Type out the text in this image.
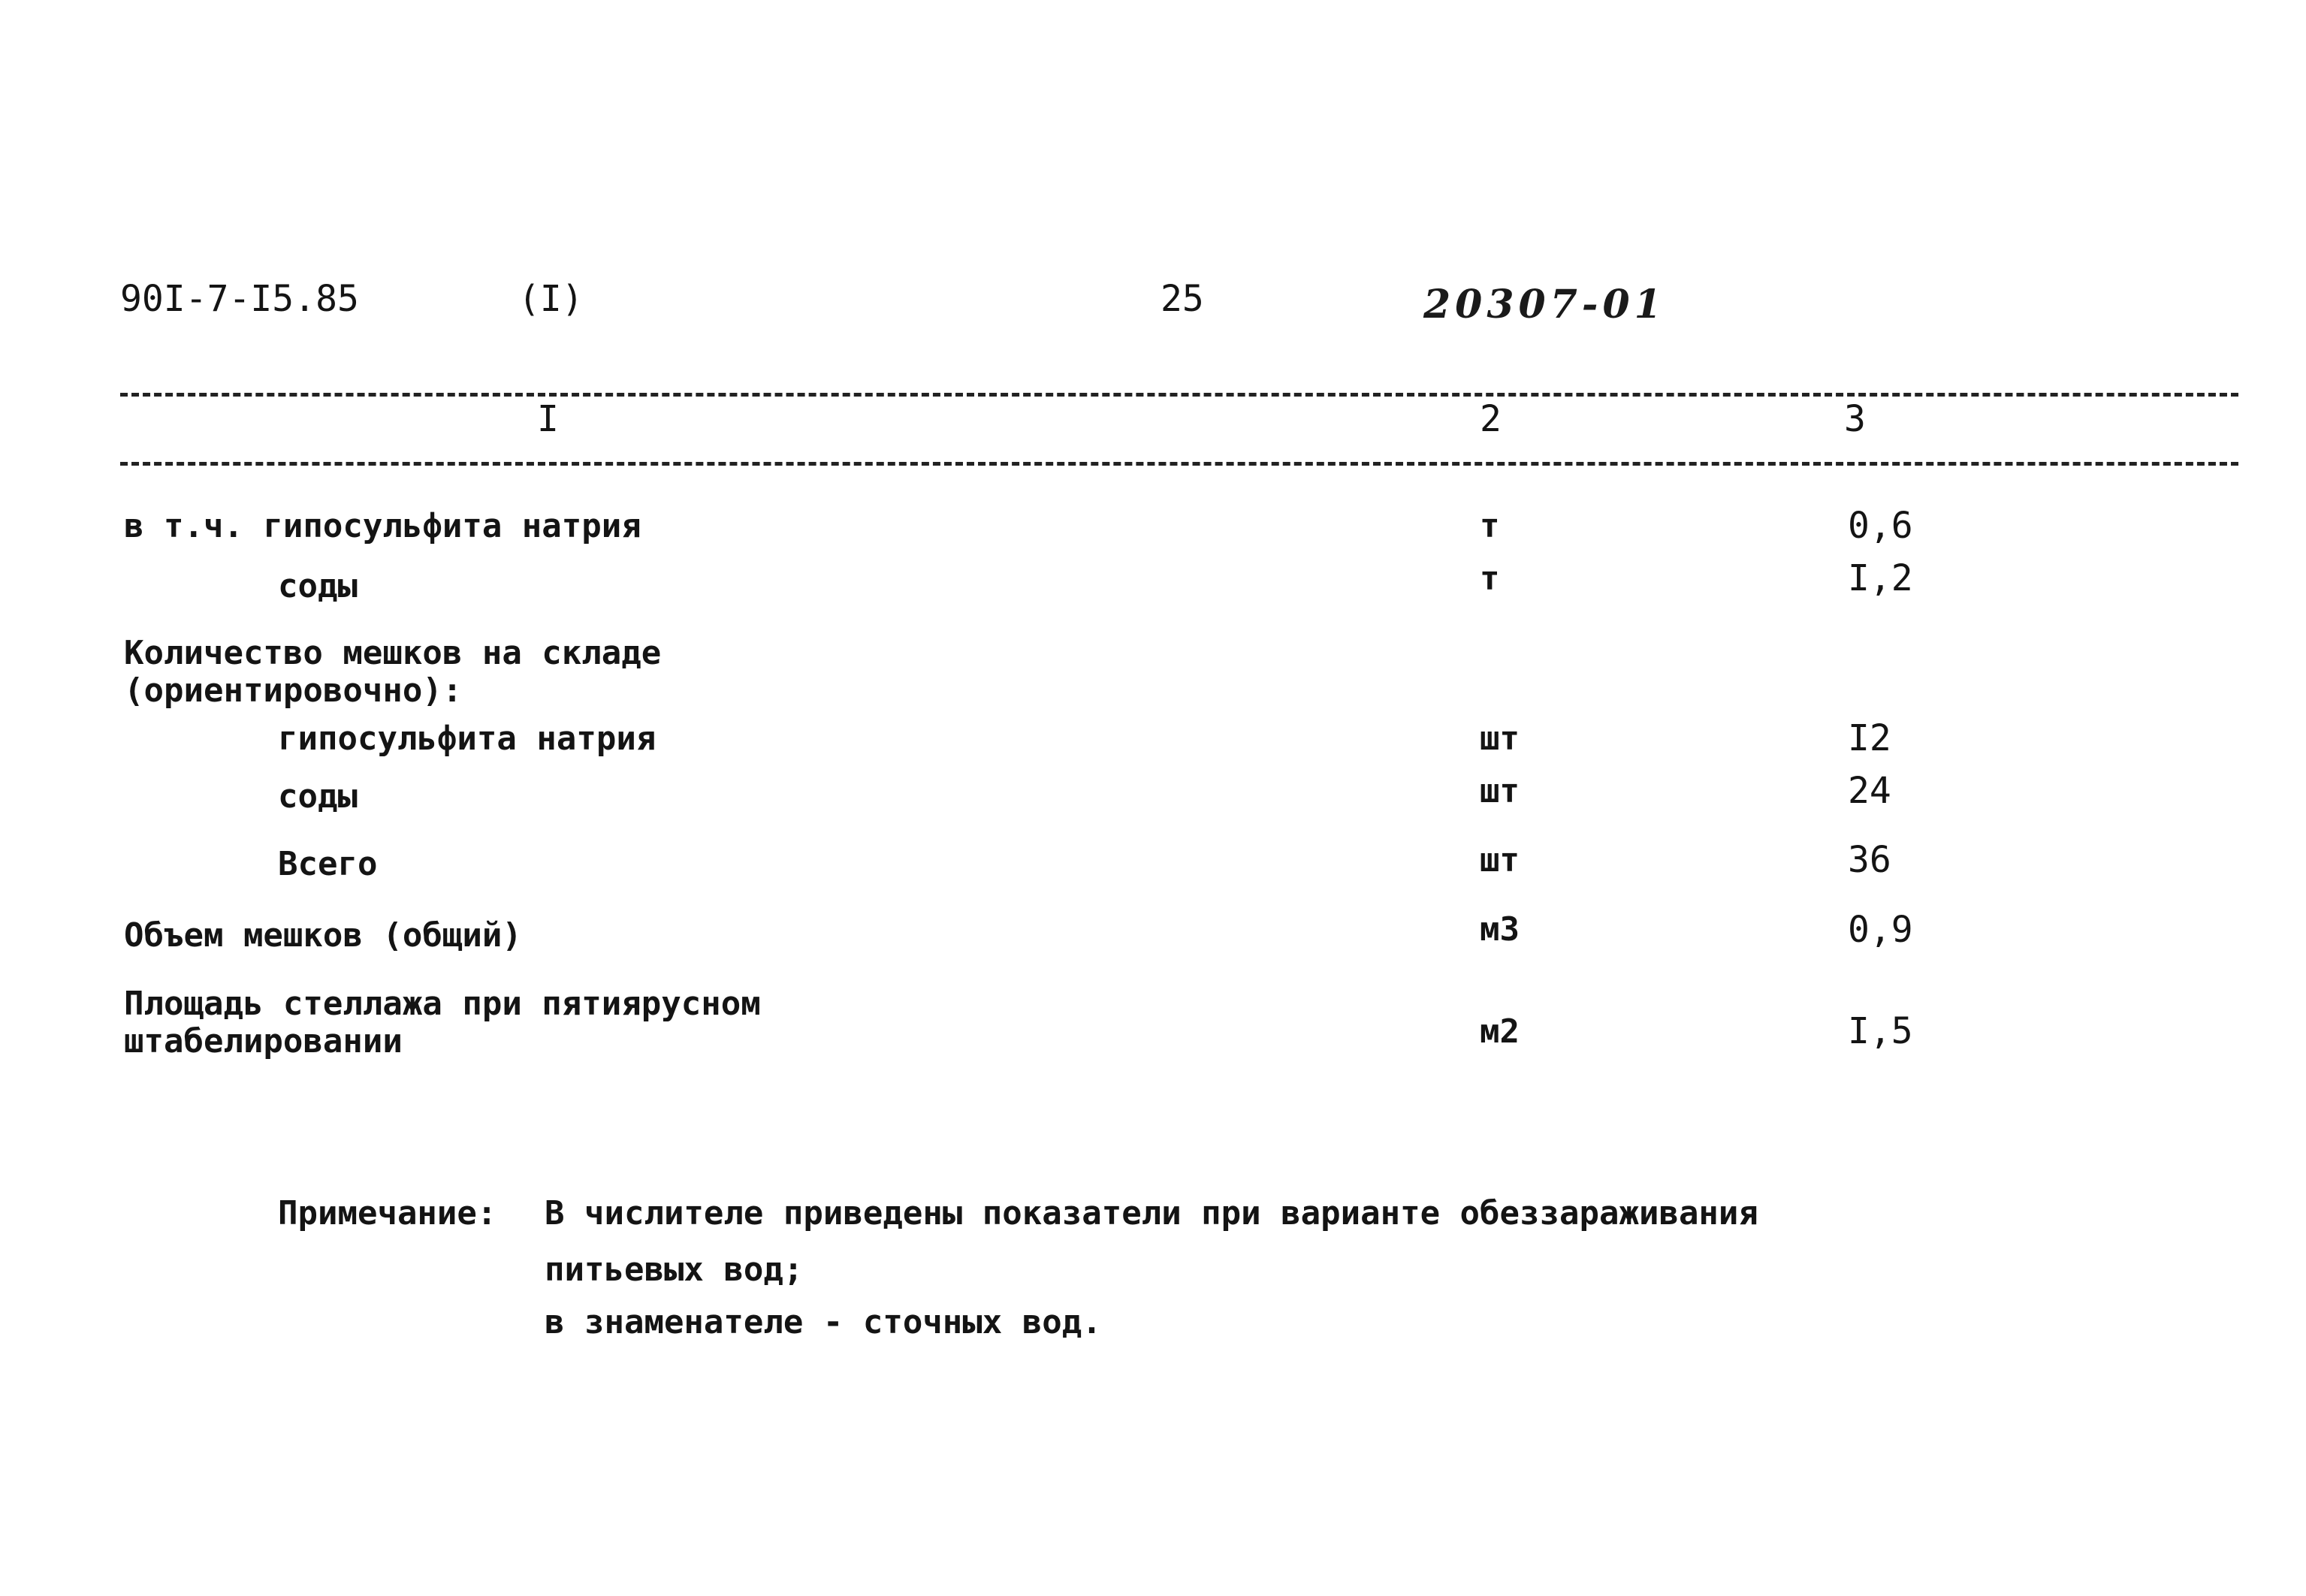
90I-7-I5.85	(I)	25	20307-01
I	2	3
в т.ч. гипосульфита натрия	т	0,6
соды	т	I,2
Количество мешков на складе
(ориентировочно):
гипосульфита натрия	шт	I2
соды	шт	24
Всего	шт	36
Объем мешков (общий)	м3	0,9
Площадь стеллажа при пятиярусном
штабелировании	м2	I,5
Примечание: В числителе приведены показатели при варианте обеззараживания
питьевых вод;
в знаменателе - сточных вод.
